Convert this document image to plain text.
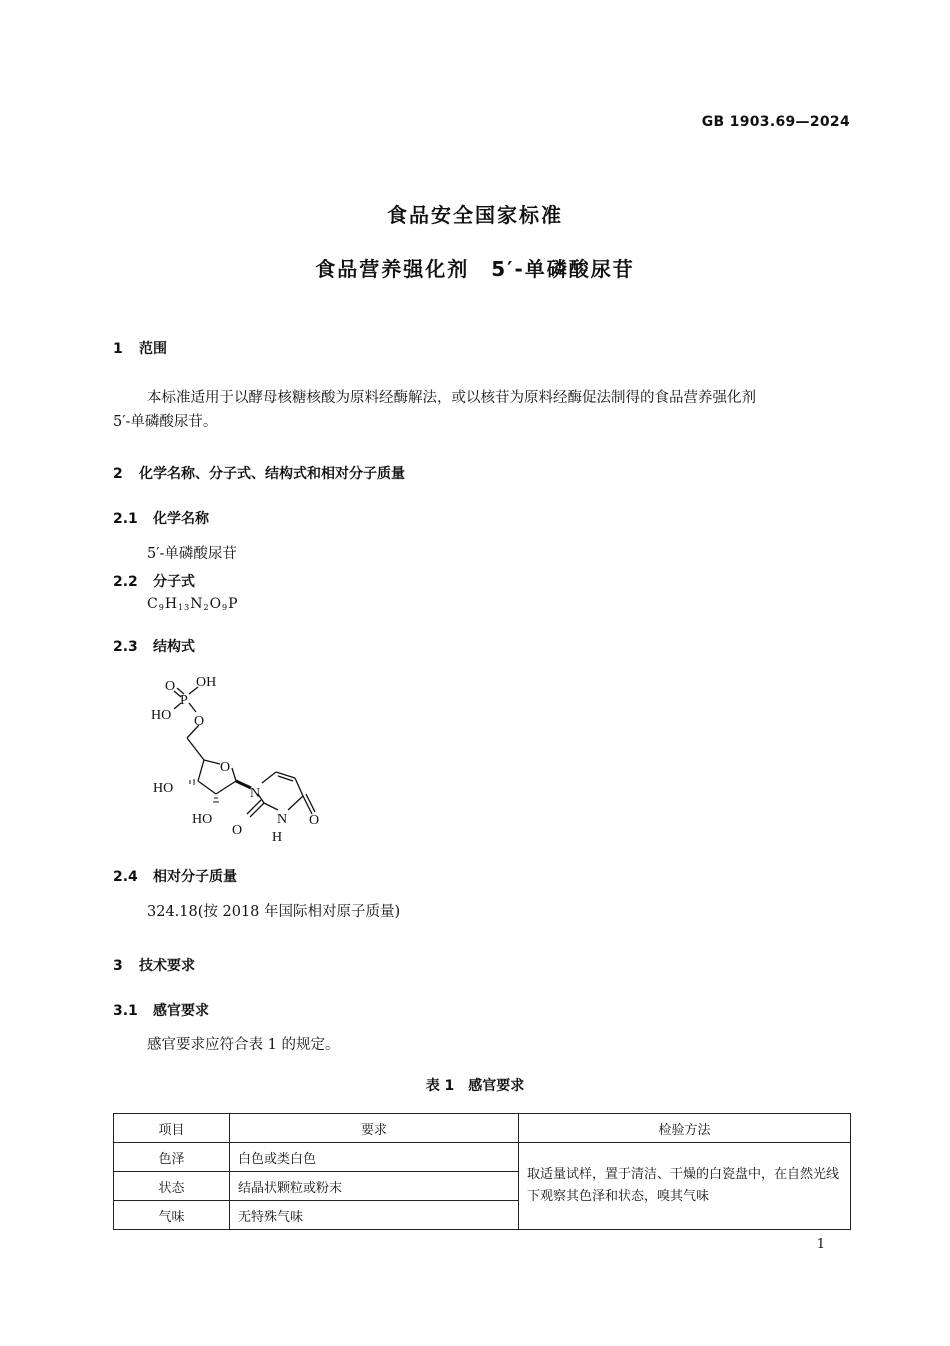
GB 1903.69—2024
食品安全国家标准
食品营养强化剂　5′-单磷酸尿苷
1 范围
本标准适用于以酵母核糖核酸为原料经酶解法，或以核苷为原料经酶促法制得的食品营养强化剂
5′-单磷酸尿苷。
2 化学名称、分子式、结构式和相对分子质量
2.1 化学名称
5′-单磷酸尿苷
2.2 分子式
$C_9H_{13}N_2O_9P$
2.3 结构式
O OH
P
HO O
O
HO
HO
N
O
N
H
O
2.4 相对分子质量
324.18(按 2018 年国际相对原子质量)
3 技术要求
3.1 感官要求
感官要求应符合表 1 的规定。
表 1　感官要求
项目	要求	检验方法
色泽	白色或类白色	取适量试样，置于清洁、干燥的白瓷盘中，在自然光线下观察其色泽和状态，嗅其气味
状态	结晶状颗粒或粉末	
气味	无特殊气味	
1
